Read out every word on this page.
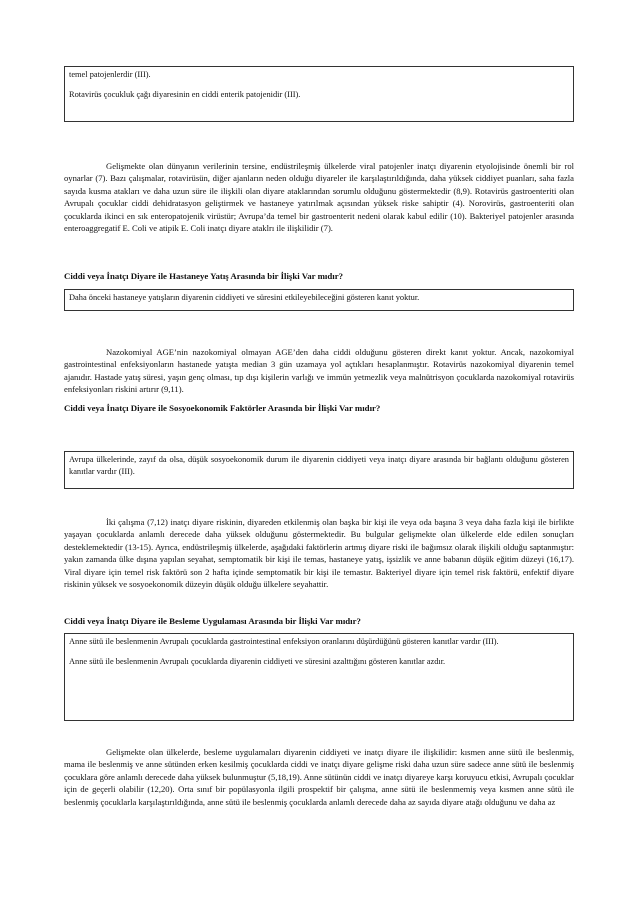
temel patojenlerdir (III).

Rotavirüs çocukluk çağı diyaresinin en ciddi enterik patojenidir (III).

Gelişmekte olan dünyanın verilerinin tersine, endüstrileşmiş ülkelerde viral patojenler inatçı diyarenin etyolojisinde önemli bir rol oynarlar (7). Bazı çalışmalar, rotavirüsün, diğer ajanların neden olduğu diyareler ile karşılaştırıldığında, daha yüksek ciddiyet puanları, saha fazla sayıda kusma atakları ve daha uzun süre ile ilişkili olan diyare ataklarından sorumlu olduğunu göstermektedir (8,9). Rotavirüs gastroenteriti olan Avrupalı çocuklar ciddi dehidratasyon geliştirmek ve hastaneye yatırılmak açısından yüksek riske sahiptir (4). Norovirüs, gastroenteriti olan çocuklarda ikinci en sık enteropatojenik virüstür; Avrupa’da temel bir gastroenterit nedeni olarak kabul edilir (10). Bakteriyel patojenler arasında enteroaggregatif E. Coli ve atipik E. Coli inatçı diyare ataklrı ile ilişkilidir (7).

Ciddi veya İnatçı Diyare ile Hastaneye Yatış Arasında bir İlişki Var mıdır?

Daha önceki hastaneye yatışların diyarenin ciddiyeti ve süresini etkileyebileceğini gösteren kanıt yoktur.

Nazokomiyal AGE’nin nazokomiyal olmayan AGE’den daha ciddi olduğunu gösteren direkt kanıt yoktur. Ancak, nazokomiyal gastrointestinal enfeksiyonların hastanede yatışta median 3 gün uzamaya yol açtıkları hesaplanmıştır. Rotavirüs nazokomiyal diyarenin temel ajanıdır. Hastade yatış süresi, yaşın genç olması, tıp dışı kişilerin varlığı ve immün yetmezlik veya malnütrisyon çocuklarda nazokomiyal rotavirüs enfeksiyonları riskini artırır (9,11).

Ciddi veya İnatçı Diyare ile Sosyoekonomik Faktörler Arasında bir İlişki Var mıdır?

Avrupa ülkelerinde, zayıf da olsa, düşük sosyoekonomik durum ile diyarenin ciddiyeti veya inatçı diyare arasında bir bağlantı olduğunu gösteren kanıtlar vardır (III).

İki çalışma (7,12) inatçı diyare riskinin, diyareden etkilenmiş olan başka bir kişi ile veya oda başına 3 veya daha fazla kişi ile birlikte yaşayan çocuklarda anlamlı derecede daha yüksek olduğunu göstermektedir. Bu bulgular gelişmekte olan ülkelerde elde edilen sonuçları desteklemektedir (13-15). Ayrıca, endüstrileşmiş ülkelerde, aşağıdaki faktörlerin artmış diyare riski ile bağımsız olarak ilişkili olduğu saptanmıştır: yakın zamanda ülke dışına yapılan seyahat, semptomatik bir kişi ile temas, hastaneye yatış, işsizlik ve anne babanın düşük eğitim düzeyi (16,17). Viral diyare için temel risk faktörü son 2 hafta içinde semptomatik bir kişi ile temastır. Bakteriyel diyare için temel risk faktörü, enfektif diyare riskinin yüksek ve sosyoekonomik düzeyin düşük olduğu ülkelere seyahattir.

Ciddi veya İnatçı Diyare ile Besleme Uygulaması Arasında bir İlişki Var mıdır?

Anne sütü ile beslenmenin Avrupalı çocuklarda gastrointestinal enfeksiyon oranlarını düşürdüğünü gösteren kanıtlar vardır (III).

Anne sütü ile beslenmenin Avrupalı çocuklarda diyarenin ciddiyeti ve süresini azalttığını gösteren kanıtlar azdır.

Gelişmekte olan ülkelerde, besleme uygulamaları diyarenin ciddiyeti ve inatçı diyare ile ilişkilidir: kısmen anne sütü ile beslenmiş, mama ile beslenmiş ve anne sütünden erken kesilmiş çocuklarda ciddi ve inatçı diyare gelişme riski daha uzun süre sadece anne sütü ile beslenmiş çocuklara göre anlamlı derecede daha yüksek bulunmuştur (5,18,19). Anne sütünün ciddi ve inatçı diyareye karşı koruyucu etkisi, Avrupalı çocuklar için de geçerli olabilir (12,20). Orta sınıf bir popülasyonla ilgili prospektif bir çalışma, anne sütü ile beslenmemiş veya kısmen anne sütü ile beslenmiş çocuklarla karşılaştırıldığında, anne sütü ile beslenmiş çocuklarda anlamlı derecede daha az sayıda diyare atağı olduğunu ve daha az
